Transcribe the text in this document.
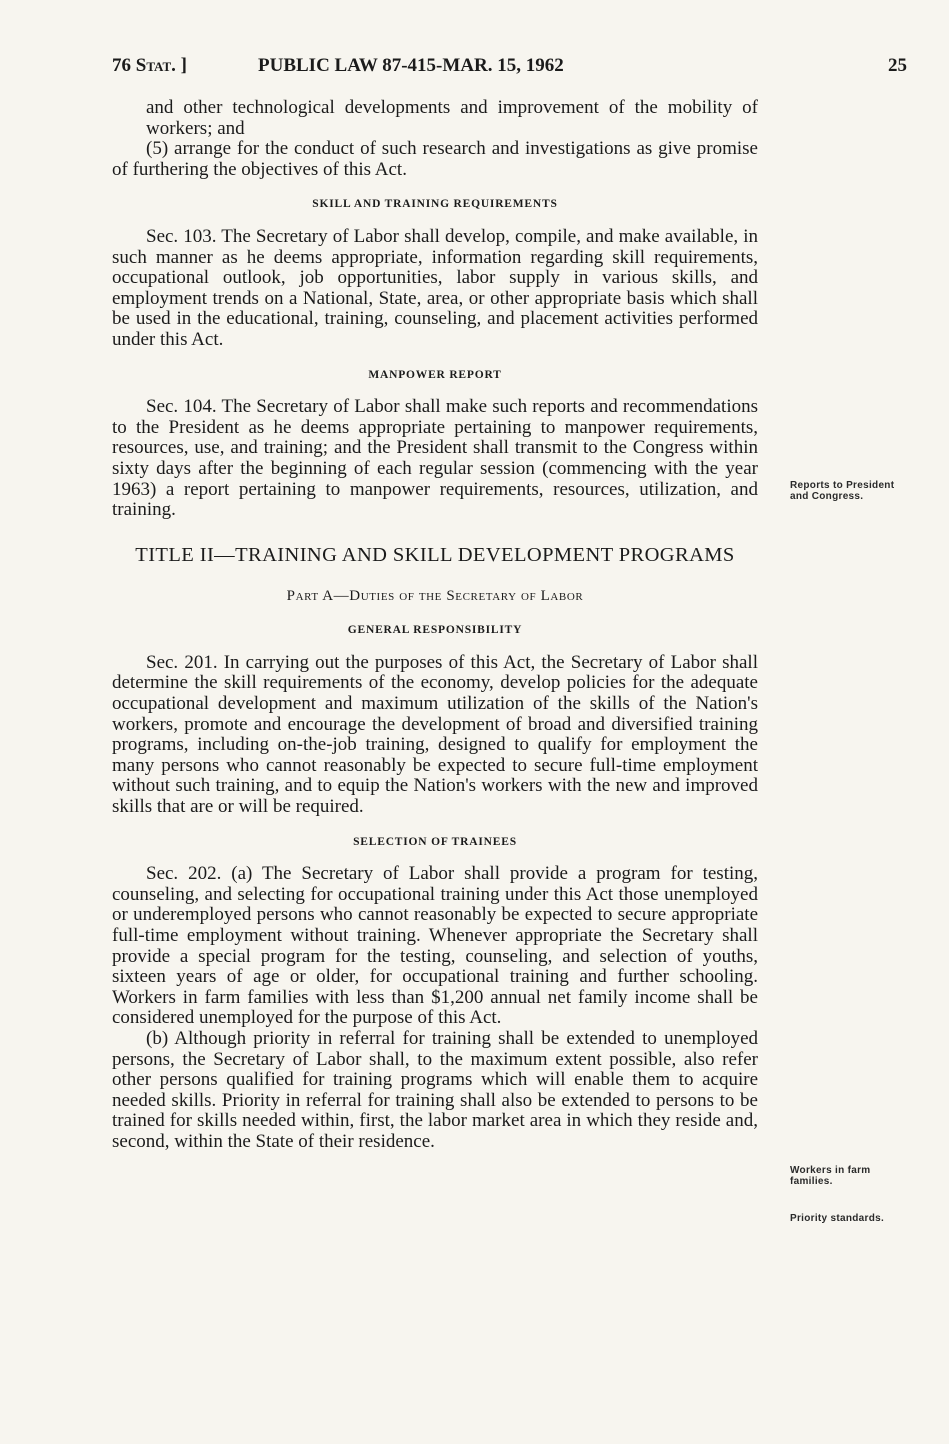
76 Stat. ]	PUBLIC LAW 87-415-MAR. 15, 1962	25

and other technological developments and improvement of the mobility of workers; and

(5) arrange for the conduct of such research and investigations as give promise of furthering the objectives of this Act.

SKILL AND TRAINING REQUIREMENTS

Sec. 103. The Secretary of Labor shall develop, compile, and make available, in such manner as he deems appropriate, information regarding skill requirements, occupational outlook, job opportunities, labor supply in various skills, and employment trends on a National, State, area, or other appropriate basis which shall be used in the educational, training, counseling, and placement activities performed under this Act.

MANPOWER REPORT

Sec. 104. The Secretary of Labor shall make such reports and recommendations to the President as he deems appropriate pertaining to manpower requirements, resources, use, and training; and the President shall transmit to the Congress within sixty days after the beginning of each regular session (commencing with the year 1963) a report pertaining to manpower requirements, resources, utilization, and training.

TITLE II—TRAINING AND SKILL DEVELOPMENT PROGRAMS
Part A—Duties of the Secretary of Labor
GENERAL RESPONSIBILITY

Sec. 201. In carrying out the purposes of this Act, the Secretary of Labor shall determine the skill requirements of the economy, develop policies for the adequate occupational development and maximum utilization of the skills of the Nation's workers, promote and encourage the development of broad and diversified training programs, including on-the-job training, designed to qualify for employment the many persons who cannot reasonably be expected to secure full-time employment without such training, and to equip the Nation's workers with the new and improved skills that are or will be required.

SELECTION OF TRAINEES

Sec. 202. (a) The Secretary of Labor shall provide a program for testing, counseling, and selecting for occupational training under this Act those unemployed or underemployed persons who cannot reasonably be expected to secure appropriate full-time employment without training. Whenever appropriate the Secretary shall provide a special program for the testing, counseling, and selection of youths, sixteen years of age or older, for occupational training and further schooling. Workers in farm families with less than $1,200 annual net family income shall be considered unemployed for the purpose of this Act.

(b) Although priority in referral for training shall be extended to unemployed persons, the Secretary of Labor shall, to the maximum extent possible, also refer other persons qualified for training programs which will enable them to acquire needed skills. Priority in referral for training shall also be extended to persons to be trained for skills needed within, first, the labor market area in which they reside and, second, within the State of their residence.

Reports to President and Congress.
Workers in farm families.
Priority standards.
